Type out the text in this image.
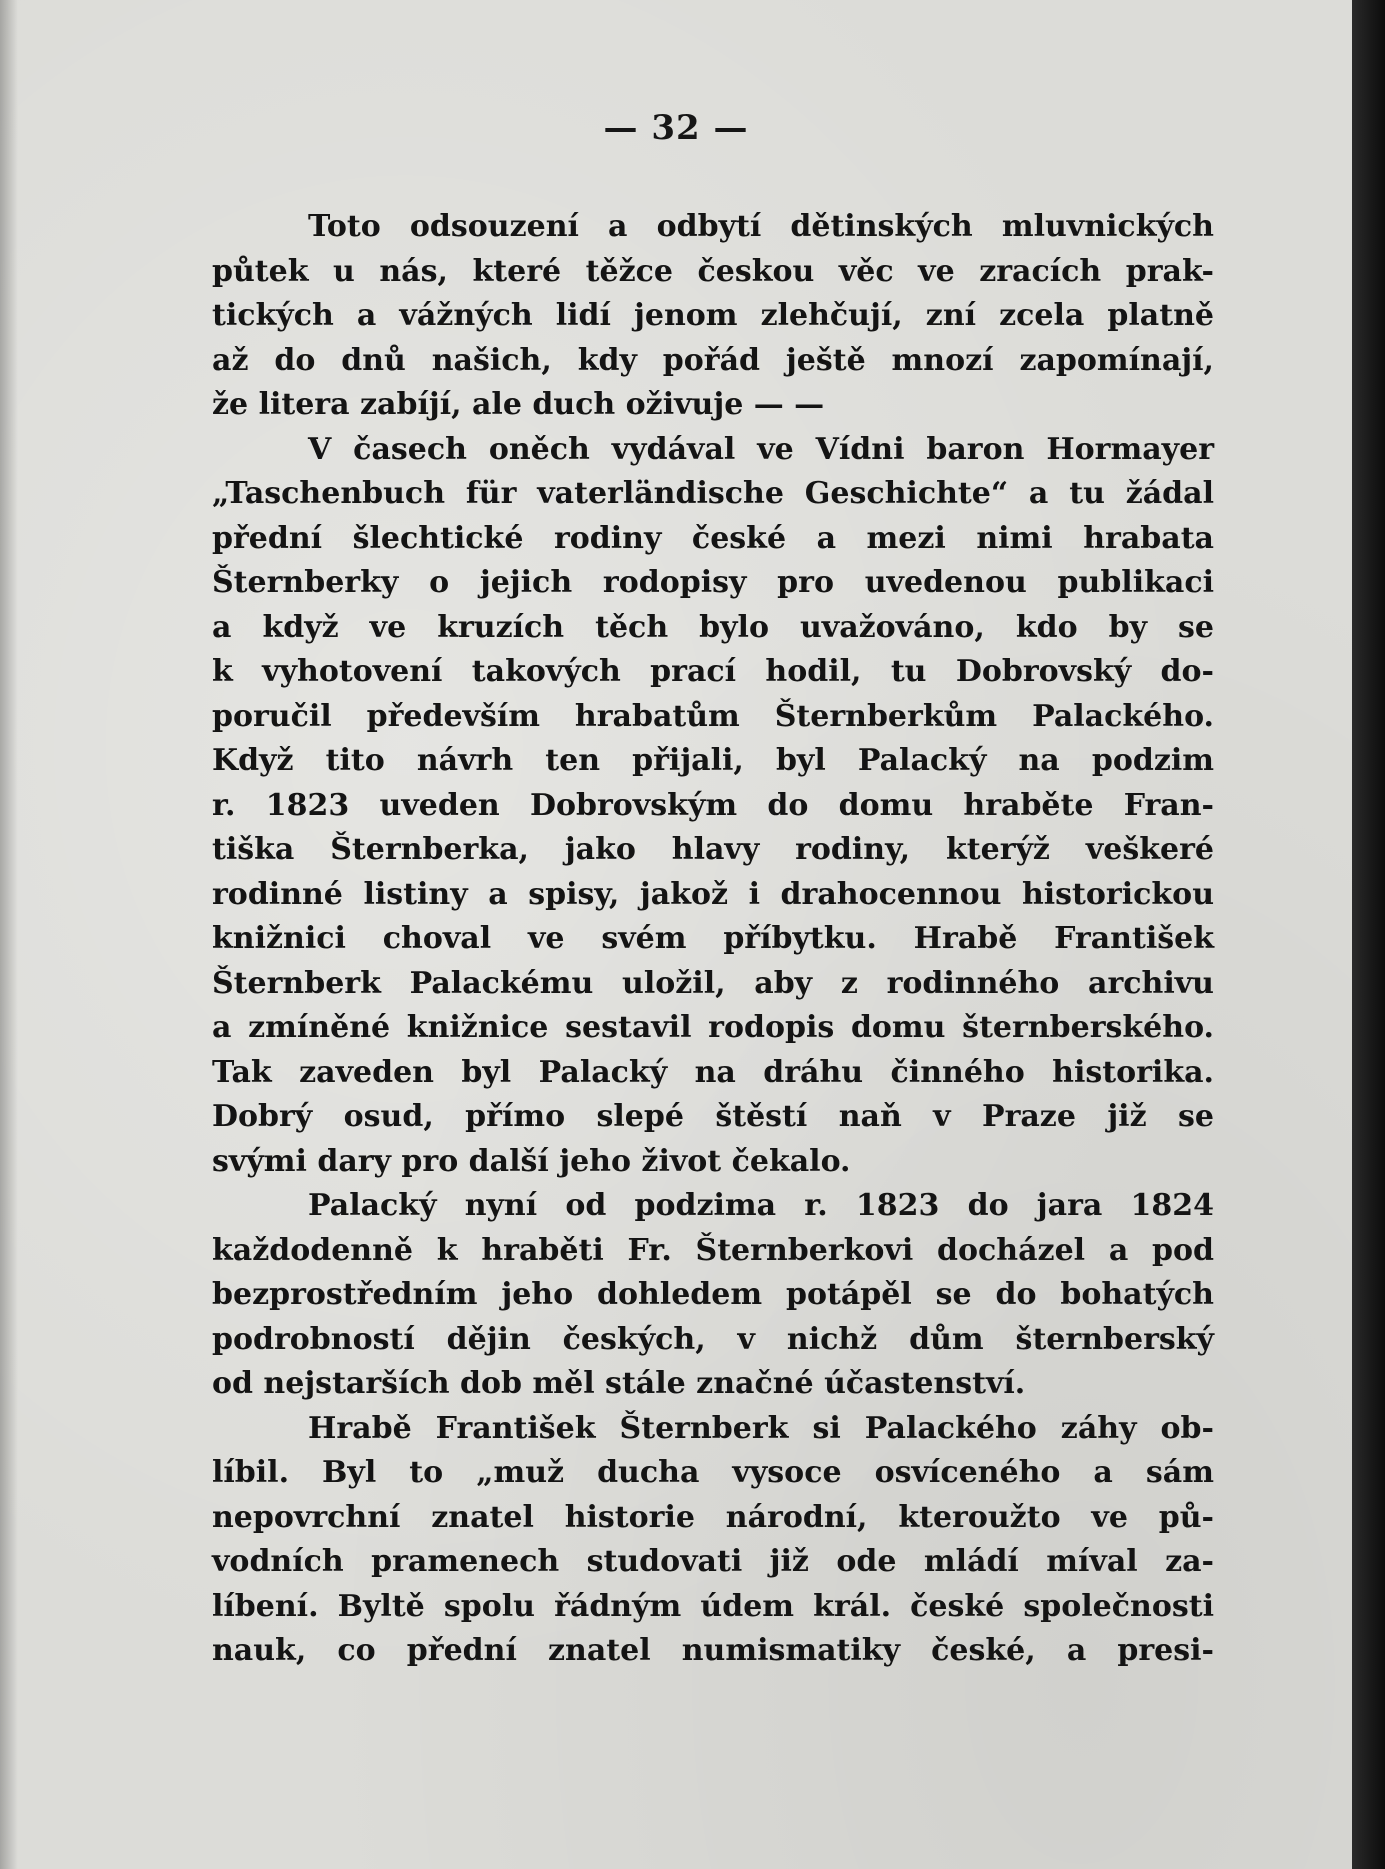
— 32 —
Toto odsouzení a odbytí dětinských mluvnických
půtek u nás, které těžce českou věc ve zracích prak-
tických a vážných lidí jenom zlehčují, zní zcela platně
až do dnů našich, kdy pořád ještě mnozí zapomínají,
že litera zabíjí, ale duch oživuje — —
V časech oněch vydával ve Vídni baron Hormayer
„Taschenbuch für vaterländische Geschichte“ a tu žádal
přední šlechtické rodiny české a mezi nimi hrabata
Šternberky o jejich rodopisy pro uvedenou publikaci
a když ve kruzích těch bylo uvažováno, kdo by se
k vyhotovení takových prací hodil, tu Dobrovský do-
poručil především hrabatům Šternberkům Palackého.
Když tito návrh ten přijali, byl Palacký na podzim
r. 1823 uveden Dobrovským do domu hraběte Fran-
tiška Šternberka, jako hlavy rodiny, kterýž veškeré
rodinné listiny a spisy, jakož i drahocennou historickou
knižnici choval ve svém příbytku. Hrabě František
Šternberk Palackému uložil, aby z rodinného archivu
a zmíněné knižnice sestavil rodopis domu šternberského.
Tak zaveden byl Palacký na dráhu činného historika.
Dobrý osud, přímo slepé štěstí naň v Praze již se
svými dary pro další jeho život čekalo.
Palacký nyní od podzima r. 1823 do jara 1824
každodenně k hraběti Fr. Šternberkovi docházel a pod
bezprostředním jeho dohledem potápěl se do bohatých
podrobností dějin českých, v nichž dům šternberský
od nejstarších dob měl stále značné účastenství.
Hrabě František Šternberk si Palackého záhy ob-
líbil. Byl to „muž ducha vysoce osvíceného a sám
nepovrchní znatel historie národní, kteroužto ve pů-
vodních pramenech studovati již ode mládí míval za-
líbení. Byltě spolu řádným údem král. české společnosti
nauk, co přední znatel numismatiky české, a presi-
